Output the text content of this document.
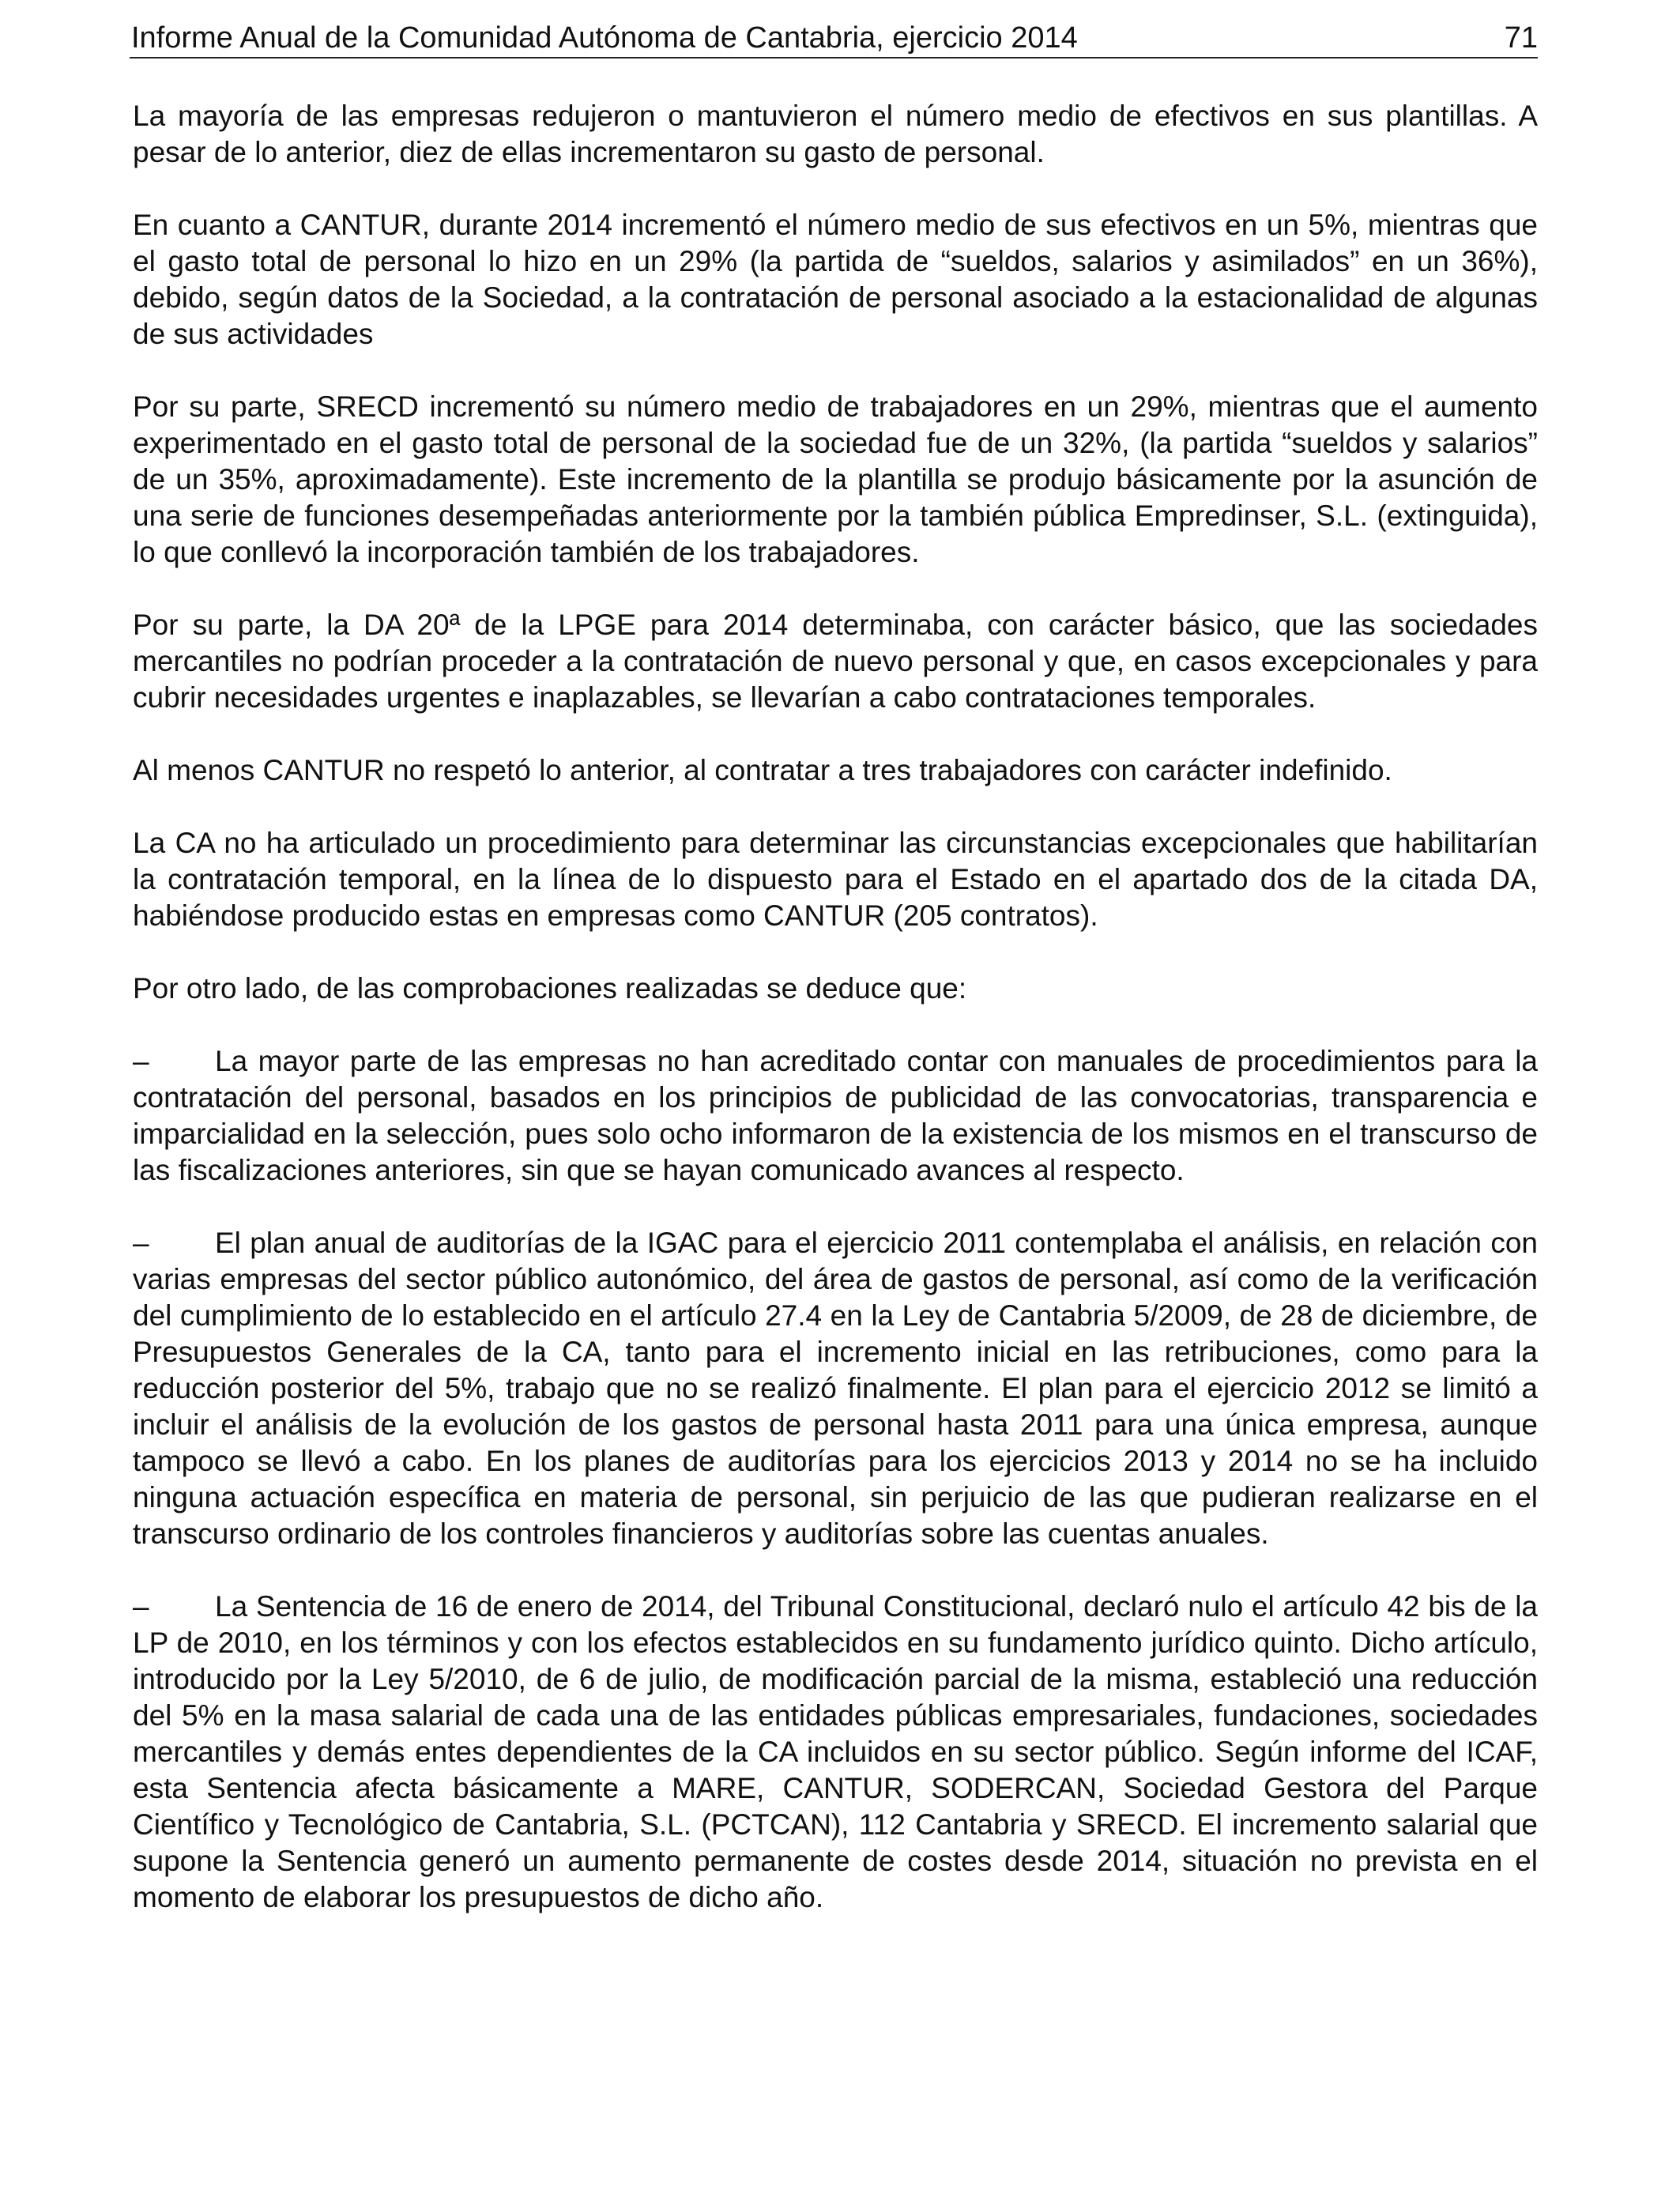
Informe Anual de la Comunidad Autónoma de Cantabria, ejercicio 2014	71

La mayoría de las empresas redujeron o mantuvieron el número medio de efectivos en sus plantillas. A pesar de lo anterior, diez de ellas incrementaron su gasto de personal.

En cuanto a CANTUR, durante 2014 incrementó el número medio de sus efectivos en un 5%, mientras que el gasto total de personal lo hizo en un 29% (la partida de “sueldos, salarios y asimilados” en un 36%), debido, según datos de la Sociedad, a la contratación de personal asociado a la estacionalidad de algunas de sus actividades

Por su parte, SRECD incrementó su número medio de trabajadores en un 29%, mientras que el aumento experimentado en el gasto total de personal de la sociedad fue de un 32%, (la partida “sueldos y salarios” de un 35%, aproximadamente). Este incremento de la plantilla se produjo básicamente por la asunción de una serie de funciones desempeñadas anteriormente por la también pública Empredinser, S.L. (extinguida), lo que conllevó la incorporación también de los trabajadores.

Por su parte, la DA 20ª de la LPGE para 2014 determinaba, con carácter básico, que las sociedades mercantiles no podrían proceder a la contratación de nuevo personal y que, en casos excepcionales y para cubrir necesidades urgentes e inaplazables, se llevarían a cabo contrataciones temporales.

Al menos CANTUR no respetó lo anterior, al contratar a tres trabajadores con carácter indefinido.

La CA no ha articulado un procedimiento para determinar las circunstancias excepcionales que habilitarían la contratación temporal, en la línea de lo dispuesto para el Estado en el apartado dos de la citada DA, habiéndose producido estas en empresas como CANTUR (205 contratos).

Por otro lado, de las comprobaciones realizadas se deduce que:

– La mayor parte de las empresas no han acreditado contar con manuales de procedimientos para la contratación del personal, basados en los principios de publicidad de las convocatorias, transparencia e imparcialidad en la selección, pues solo ocho informaron de la existencia de los mismos en el transcurso de las fiscalizaciones anteriores, sin que se hayan comunicado avances al respecto.

– El plan anual de auditorías de la IGAC para el ejercicio 2011 contemplaba el análisis, en relación con varias empresas del sector público autonómico, del área de gastos de personal, así como de la verificación del cumplimiento de lo establecido en el artículo 27.4 en la Ley de Cantabria 5/2009, de 28 de diciembre, de Presupuestos Generales de la CA, tanto para el incremento inicial en las retribuciones, como para la reducción posterior del 5%, trabajo que no se realizó finalmente. El plan para el ejercicio 2012 se limitó a incluir el análisis de la evolución de los gastos de personal hasta 2011 para una única empresa, aunque tampoco se llevó a cabo. En los planes de auditorías para los ejercicios 2013 y 2014 no se ha incluido ninguna actuación específica en materia de personal, sin perjuicio de las que pudieran realizarse en el transcurso ordinario de los controles financieros y auditorías sobre las cuentas anuales.

– La Sentencia de 16 de enero de 2014, del Tribunal Constitucional, declaró nulo el artículo 42 bis de la LP de 2010, en los términos y con los efectos establecidos en su fundamento jurídico quinto. Dicho artículo, introducido por la Ley 5/2010, de 6 de julio, de modificación parcial de la misma, estableció una reducción del 5% en la masa salarial de cada una de las entidades públicas empresariales, fundaciones, sociedades mercantiles y demás entes dependientes de la CA incluidos en su sector público. Según informe del ICAF, esta Sentencia afecta básicamente a MARE, CANTUR, SODERCAN, Sociedad Gestora del Parque Científico y Tecnológico de Cantabria, S.L. (PCTCAN), 112 Cantabria y SRECD. El incremento salarial que supone la Sentencia generó un aumento permanente de costes desde 2014, situación no prevista en el momento de elaborar los presupuestos de dicho año.
